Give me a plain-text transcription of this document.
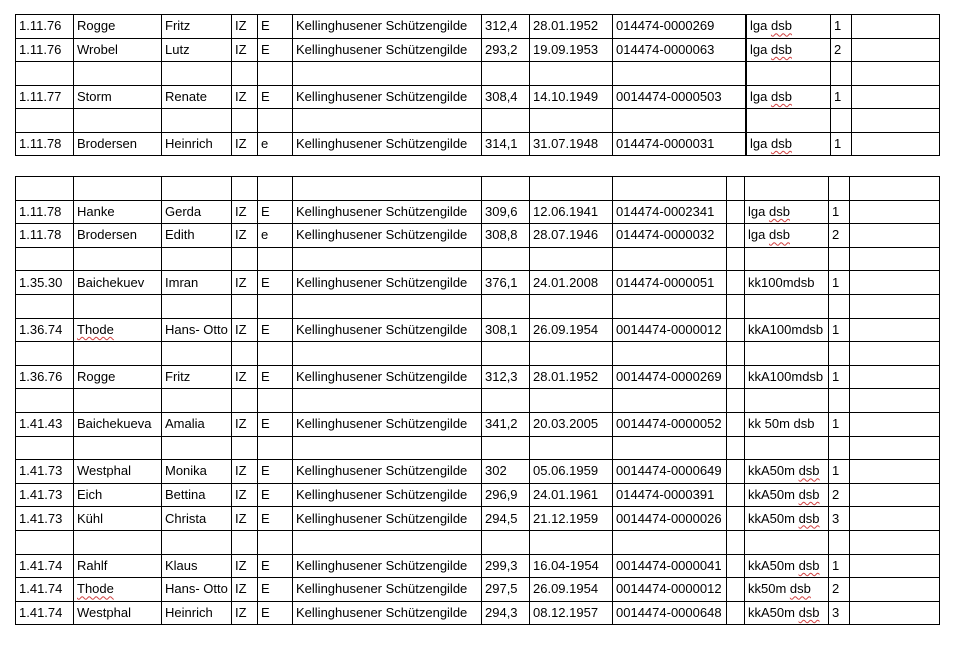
1.11.76	Rogge	Fritz	IZ	E	Kellinghusener Schützengilde	312,4	28.01.1952	014474-0000269		lga dsb	1	
1.11.76	Wrobel	Lutz	IZ	E	Kellinghusener Schützengilde	293,2	19.09.1953	014474-0000063		lga dsb	2	

1.11.77	Storm	Renate	IZ	E	Kellinghusener Schützengilde	308,4	14.10.1949	0014474-0000503		lga dsb	1	

1.11.78	Brodersen	Heinrich	IZ	e	Kellinghusener Schützengilde	314,1	31.07.1948	014474-0000031		lga dsb	1	

1.11.78	Hanke	Gerda	IZ	E	Kellinghusener Schützengilde	309,6	12.06.1941	014474-0002341		lga dsb	1	
1.11.78	Brodersen	Edith	IZ	e	Kellinghusener Schützengilde	308,8	28.07.1946	014474-0000032		lga dsb	2	

1.35.30	Baichekuev	Imran	IZ	E	Kellinghusener Schützengilde	376,1	24.01.2008	014474-0000051		kk100mdsb	1	

1.36.74	Thode	Hans- Otto	IZ	E	Kellinghusener Schützengilde	308,1	26.09.1954	0014474-0000012		kkA100mdsb	1	

1.36.76	Rogge	Fritz	IZ	E	Kellinghusener Schützengilde	312,3	28.01.1952	0014474-0000269		kkA100mdsb	1	

1.41.43	Baichekueva	Amalia	IZ	E	Kellinghusener Schützengilde	341,2	20.03.2005	0014474-0000052		kk 50m dsb	1	

1.41.73	Westphal	Monika	IZ	E	Kellinghusener Schützengilde	302	05.06.1959	0014474-0000649		kkA50m dsb	1	
1.41.73	Eich	Bettina	IZ	E	Kellinghusener Schützengilde	296,9	24.01.1961	014474-0000391		kkA50m dsb	2	
1.41.73	Kühl	Christa	IZ	E	Kellinghusener Schützengilde	294,5	21.12.1959	0014474-0000026		kkA50m dsb	3	

1.41.74	Rahlf	Klaus	IZ	E	Kellinghusener Schützengilde	299,3	16.04-1954	0014474-0000041		kkA50m dsb	1	
1.41.74	Thode	Hans- Otto	IZ	E	Kellinghusener Schützengilde	297,5	26.09.1954	0014474-0000012		kk50m dsb	2	
1.41.74	Westphal	Heinrich	IZ	E	Kellinghusener Schützengilde	294,3	08.12.1957	0014474-0000648		kkA50m dsb	3	
